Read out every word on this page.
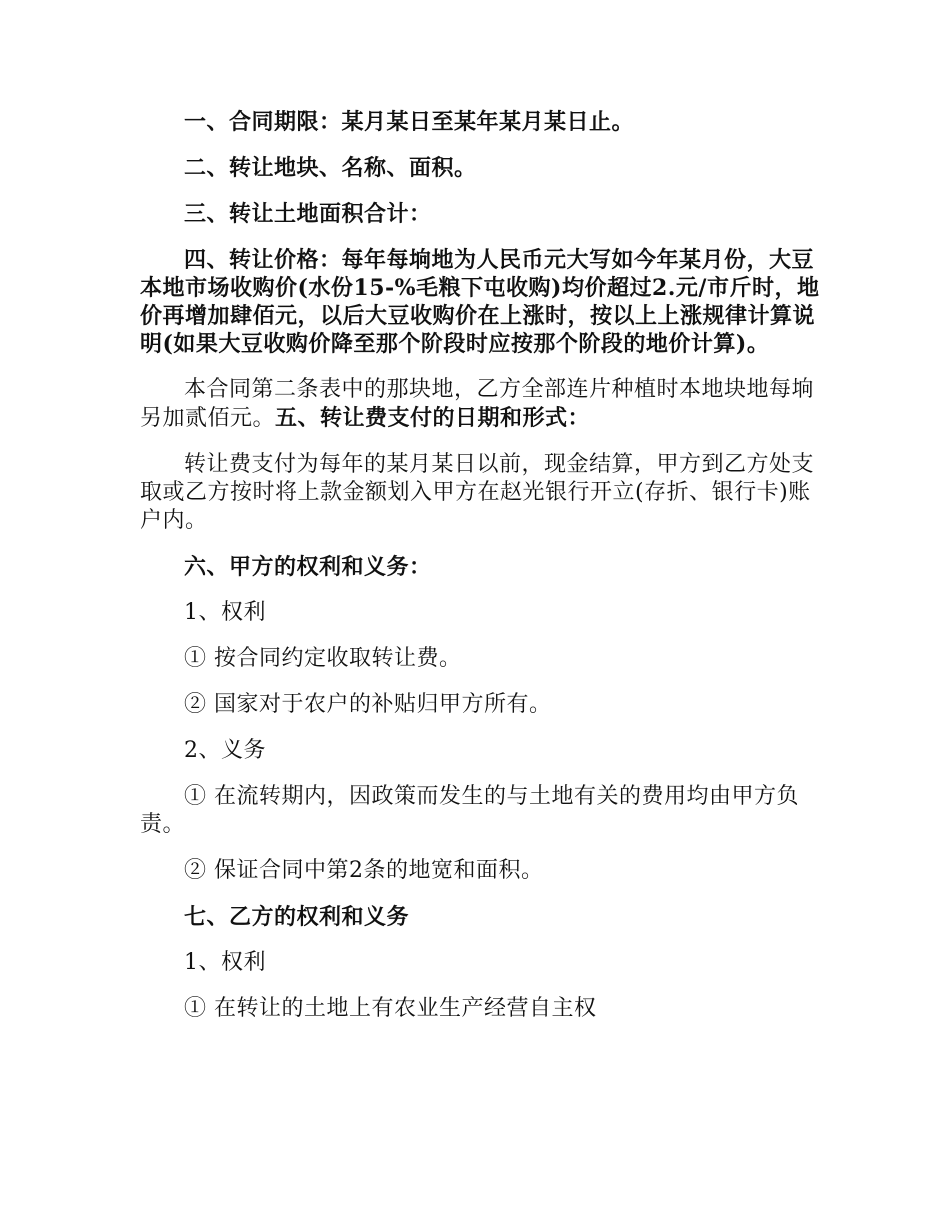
一、合同期限：某月某日至某年某月某日止。

二、转让地块、名称、面积。

三、转让土地面积合计：

四、转让价格：每年每垧地为人民币元大写如今年某月份，大豆本地市场收购价(水份15-%毛粮下屯收购)均价超过2.元/市斤时，地价再增加肆佰元，以后大豆收购价在上涨时，按以上上涨规律计算说明(如果大豆收购价降至那个阶段时应按那个阶段的地价计算)。

本合同第二条表中的那块地，乙方全部连片种植时本地块地每垧另加贰佰元。五、转让费支付的日期和形式：

转让费支付为每年的某月某日以前，现金结算，甲方到乙方处支取或乙方按时将上款金额划入甲方在赵光银行开立(存折、银行卡)账户内。

六、甲方的权利和义务：

1、权利

① 按合同约定收取转让费。

② 国家对于农户的补贴归甲方所有。

2、义务

① 在流转期内，因政策而发生的与土地有关的费用均由甲方负责。

② 保证合同中第2条的地宽和面积。

七、乙方的权利和义务

1、权利

① 在转让的土地上有农业生产经营自主权
